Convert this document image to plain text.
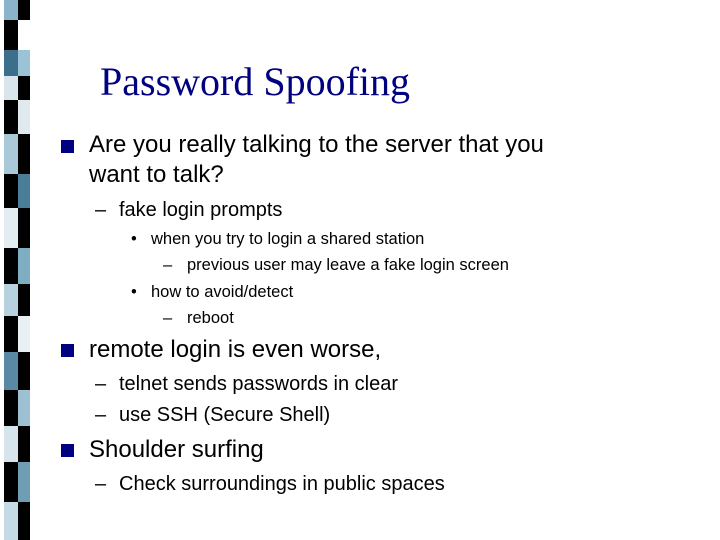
Password Spoofing
Are you really talking to the server that you
want to talk?
– fake login prompts
• when you try to login a shared station
– previous user may leave a fake login screen
• how to avoid/detect
– reboot
remote login is even worse,
– telnet sends passwords in clear
– use SSH (Secure Shell)
Shoulder surfing
– Check surroundings in public spaces
